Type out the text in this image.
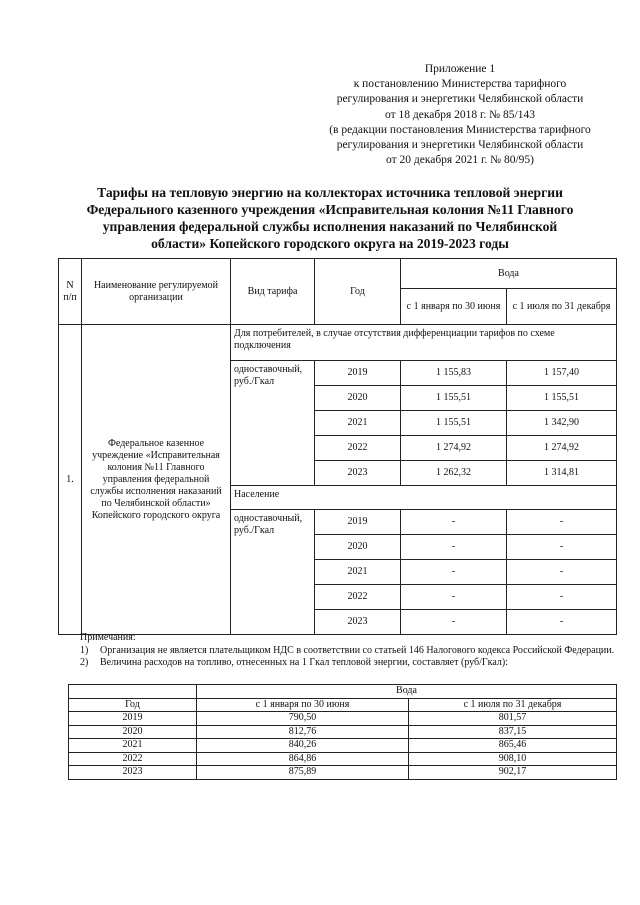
Приложение 1
к постановлению Министерства тарифного
регулирования и энергетики Челябинской области
от 18 декабря 2018 г. № 85/143
(в редакции постановления Министерства тарифного
регулирования и энергетики Челябинской области
от 20 декабря 2021 г. № 80/95)
Тарифы на тепловую энергию на коллекторах источника тепловой энергии
Федерального казенного учреждения «Исправительная колония №11 Главного
управления федеральной службы исполнения наказаний по Челябинской
области» Копейского городского округа на 2019-2023 годы
N п/п	Наименование регулируемой организации	Вид тарифа	Год	Вода	
				с 1 января по 30 июня	с 1 июля по 31 декабря
1.	Федеральное казенное учреждение «Исправительная колония №11 Главного управления федеральной службы исполнения наказаний по Челябинской области» Копейского городского округа	Для потребителей, в случае отсутствия дифференциации тарифов по схеме подключения			
		одноставочный, руб./Гкал	2019	1 155,83	1 157,40
			2020	1 155,51	1 155,51
			2021	1 155,51	1 342,90
			2022	1 274,92	1 274,92
			2023	1 262,32	1 314,81
		Население			
		одноставочный, руб./Гкал	2019	-	-
			2020	-	-
			2021	-	-
			2022	-	-
			2023	-	-
Примечания:
1) Организация не является плательщиком НДС в соответствии со статьей 146 Налогового кодекса Российской Федерации.
2) Величина расходов на топливо, отнесенных на 1 Гкал тепловой энергии, составляет (руб/Гкал):
	Вода	
Год	с 1 января по 30 июня	с 1 июля по 31 декабря
2019	790,50	801,57
2020	812,76	837,15
2021	840,26	865,46
2022	864,86	908,10
2023	875,89	902,17
